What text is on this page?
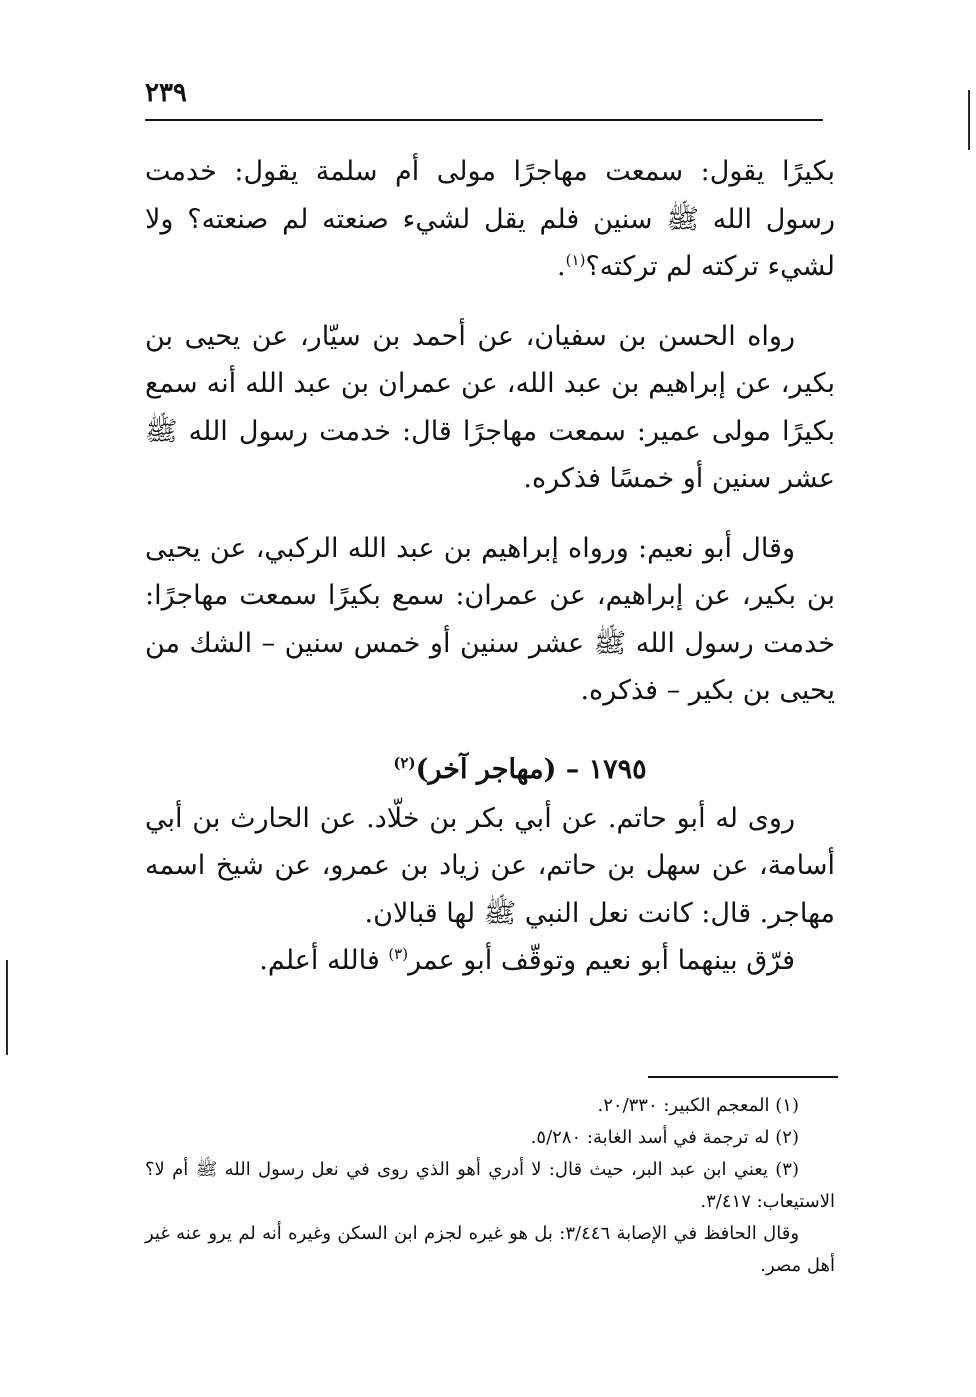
٢٣٩

بكيرًا يقول: سمعت مهاجرًا مولى أم سلمة يقول: خدمت رسول الله ﷺ سنين فلم يقل لشيء صنعته لم صنعته؟ ولا لشيء تركته لم تركته؟$^{(١)}$.

رواه الحسن بن سفيان، عن أحمد بن سيّار، عن يحيى بن بكير، عن إبراهيم بن عبد الله، عن عمران بن عبد الله أنه سمع بكيرًا مولى عمير: سمعت مهاجرًا قال: خدمت رسول الله ﷺ عشر سنين أو خمسًا فذكره.

وقال أبو نعيم: ورواه إبراهيم بن عبد الله الركبي، عن يحيى بن بكير، عن إبراهيم، عن عمران: سمع بكيرًا سمعت مهاجرًا: خدمت رسول الله ﷺ عشر سنين أو خمس سنين – الشك من يحيى بن بكير – فذكره.

١٧٩٥ – (مهاجر آخر)$^{(٢)}$

روى له أبو حاتم. عن أبي بكر بن خلّاد. عن الحارث بن أبي أسامة، عن سهل بن حاتم، عن زياد بن عمرو، عن شيخ اسمه مهاجر. قال: كانت نعل النبي ﷺ لها قبالان.

فرّق بينهما أبو نعيم وتوقّف أبو عمر$^{(٣)}$ فالله أعلم.

(١) المعجم الكبير: ٢٠/٣٣٠.

(٢) له ترجمة في أسد الغابة: ٥/٢٨٠.

(٣) يعني ابن عبد البر، حيث قال: لا أدري أهو الذي روى في نعل رسول الله ﷺ أم لا؟ الاستيعاب: ٣/٤١٧.

وقال الحافظ في الإصابة ٣/٤٤٦: بل هو غيره لجزم ابن السكن وغيره أنه لم يرو عنه غير أهل مصر.
